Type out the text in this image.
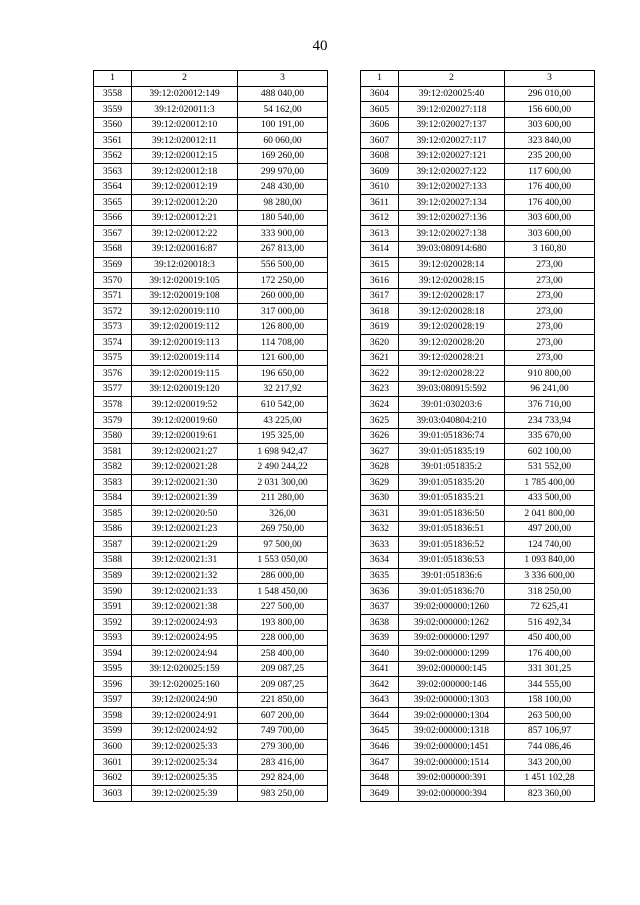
40
1	2	3
3558	39:12:020012:149	488 040,00
3559	39:12:020011:3	54 162,00
3560	39:12:020012:10	100 191,00
3561	39:12:020012:11	60 060,00
3562	39:12:020012:15	169 260,00
3563	39:12:020012:18	299 970,00
3564	39:12:020012:19	248 430,00
3565	39:12:020012:20	98 280,00
3566	39:12:020012:21	180 540,00
3567	39:12:020012:22	333 900,00
3568	39:12:020016:87	267 813,00
3569	39:12:020018:3	556 500,00
3570	39:12:020019:105	172 250,00
3571	39:12:020019:108	260 000,00
3572	39:12:020019:110	317 000,00
3573	39:12:020019:112	126 800,00
3574	39:12:020019:113	114 708,00
3575	39:12:020019:114	121 600,00
3576	39:12:020019:115	196 650,00
3577	39:12:020019:120	32 217,92
3578	39:12:020019:52	610 542,00
3579	39:12:020019:60	43 225,00
3580	39:12:020019:61	195 325,00
3581	39:12:020021:27	1 698 942,47
3582	39:12:020021:28	2 490 244,22
3583	39:12:020021:30	2 031 300,00
3584	39:12:020021:39	211 280,00
3585	39:12:020020:50	326,00
3586	39:12:020021:23	269 750,00
3587	39:12:020021:29	97 500,00
3588	39:12:020021:31	1 553 050,00
3589	39:12:020021:32	286 000,00
3590	39:12:020021:33	1 548 450,00
3591	39:12:020021:38	227 500,00
3592	39:12:020024:93	193 800,00
3593	39:12:020024:95	228 000,00
3594	39:12:020024:94	258 400,00
3595	39:12:020025:159	209 087,25
3596	39:12:020025:160	209 087,25
3597	39:12:020024:90	221 850,00
3598	39:12:020024:91	607 200,00
3599	39:12:020024:92	749 700,00
3600	39:12:020025:33	279 300,00
3601	39:12:020025:34	283 416,00
3602	39:12:020025:35	292 824,00
3603	39:12:020025:39	983 250,00
1	2	3
3604	39:12:020025:40	296 010,00
3605	39:12:020027:118	156 600,00
3606	39:12:020027:137	303 600,00
3607	39:12:020027:117	323 840,00
3608	39:12:020027:121	235 200,00
3609	39:12:020027:122	117 600,00
3610	39:12:020027:133	176 400,00
3611	39:12:020027:134	176 400,00
3612	39:12:020027:136	303 600,00
3613	39:12:020027:138	303 600,00
3614	39:03:080914:680	3 160,80
3615	39:12:020028:14	273,00
3616	39:12:020028:15	273,00
3617	39:12:020028:17	273,00
3618	39:12:020028:18	273,00
3619	39:12:020028:19	273,00
3620	39:12:020028:20	273,00
3621	39:12:020028:21	273,00
3622	39:12:020028:22	910 800,00
3623	39:03:080915:592	96 241,00
3624	39:01:030203:6	376 710,00
3625	39:03:040804:210	234 733,94
3626	39:01:051836:74	335 670,00
3627	39:01:051835:19	602 100,00
3628	39:01:051835:2	531 552,00
3629	39:01:051835:20	1 785 400,00
3630	39:01:051835:21	433 500,00
3631	39:01:051836:50	2 041 800,00
3632	39:01:051836:51	497 200,00
3633	39:01:051836:52	124 740,00
3634	39:01:051836:53	1 093 840,00
3635	39:01:051836:6	3 336 600,00
3636	39:01:051836:70	318 250,00
3637	39:02:000000:1260	72 625,41
3638	39:02:000000:1262	516 492,34
3639	39:02:000000:1297	450 400,00
3640	39:02:000000:1299	176 400,00
3641	39:02:000000:145	331 301,25
3642	39:02:000000:146	344 555,00
3643	39:02:000000:1303	158 100,00
3644	39:02:000000:1304	263 500,00
3645	39:02:000000:1318	857 106,97
3646	39:02:000000:1451	744 086,46
3647	39:02:000000:1514	343 200,00
3648	39:02:000000:391	1 451 102,28
3649	39:02:000000:394	823 360,00
